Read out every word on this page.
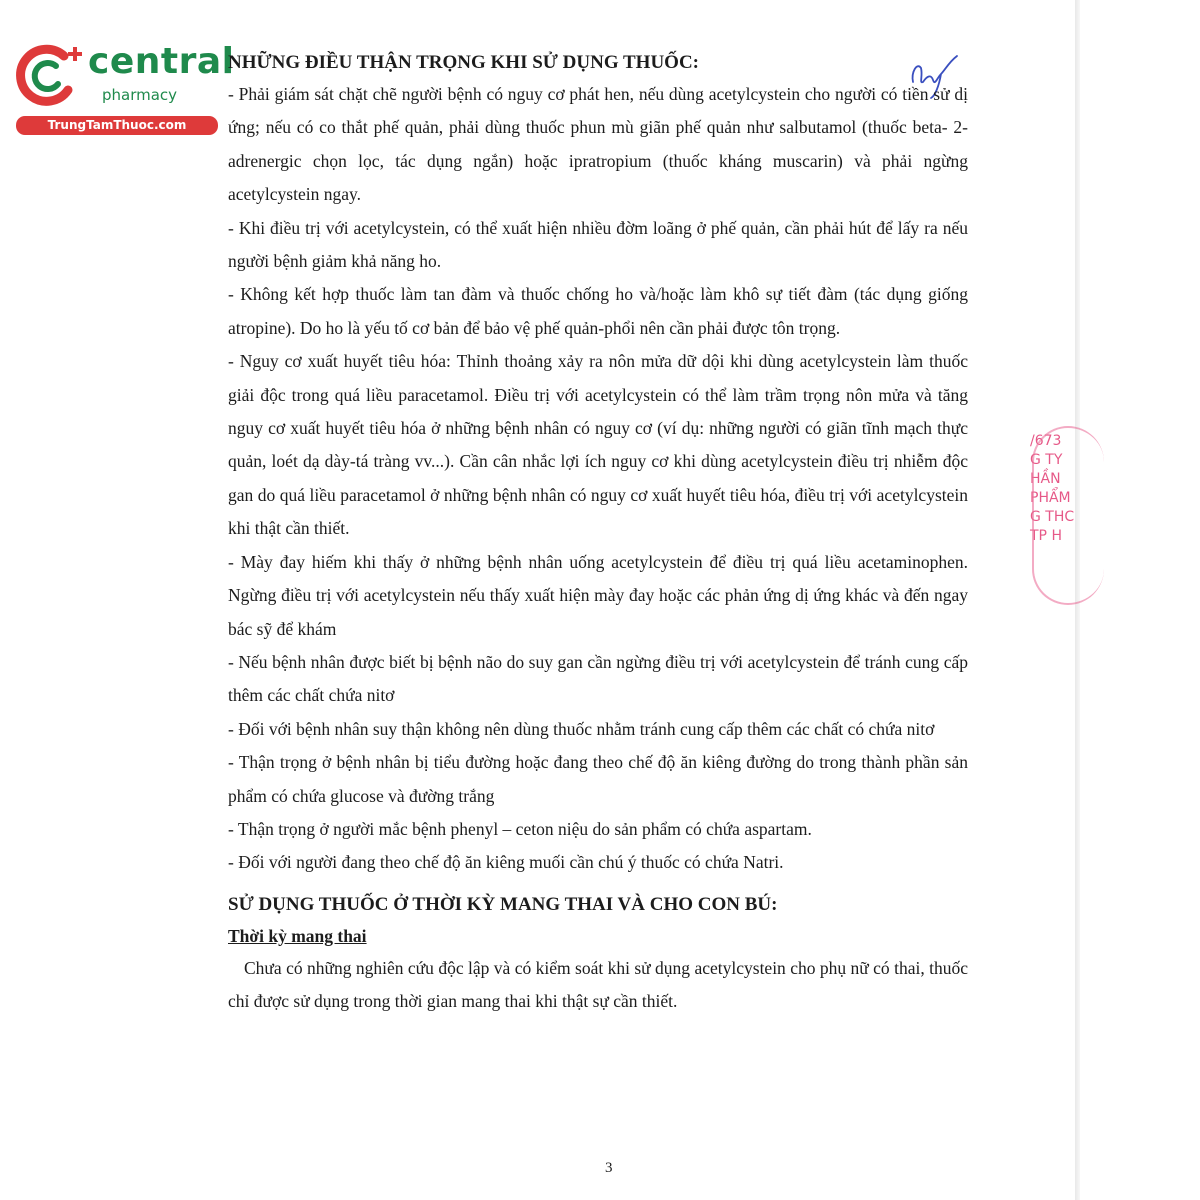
central
pharmacy
TrungTamThuoc.com
/673
G TY
HẦN
PHẨM
G THC
TP H
NHỮNG ĐIỀU THẬN TRỌNG KHI SỬ DỤNG THUỐC:

- Phải giám sát chặt chẽ người bệnh có nguy cơ phát hen, nếu dùng acetylcystein cho người có tiền sử dị ứng; nếu có co thắt phế quản, phải dùng thuốc phun mù giãn phế quản như salbutamol (thuốc beta- 2- adrenergic chọn lọc, tác dụng ngắn) hoặc ipratropium (thuốc kháng muscarin) và phải ngừng acetylcystein ngay.

- Khi điều trị với acetylcystein, có thể xuất hiện nhiều đờm loãng ở phế quản, cần phải hút để lấy ra nếu người bệnh giảm khả năng ho.

- Không kết hợp thuốc làm tan đàm và thuốc chống ho và/hoặc làm khô sự tiết đàm (tác dụng giống atropine). Do ho là yếu tố cơ bản để bảo vệ phế quản-phổi nên cần phải được tôn trọng.

- Nguy cơ xuất huyết tiêu hóa: Thỉnh thoảng xảy ra nôn mửa dữ dội khi dùng acetylcystein làm thuốc giải độc trong quá liều paracetamol. Điều trị với acetylcystein có thể làm trầm trọng nôn mửa và tăng nguy cơ xuất huyết tiêu hóa ở những bệnh nhân có nguy cơ (ví dụ: những người có giãn tĩnh mạch thực quản, loét dạ dày-tá tràng vv...). Cần cân nhắc lợi ích nguy cơ khi dùng acetylcystein điều trị nhiễm độc gan do quá liều paracetamol ở những bệnh nhân có nguy cơ xuất huyết tiêu hóa, điều trị với acetylcystein khi thật cần thiết.

- Mày đay hiếm khi thấy ở những bệnh nhân uống acetylcystein để điều trị quá liều acetaminophen. Ngừng điều trị với acetylcystein nếu thấy xuất hiện mày đay hoặc các phản ứng dị ứng khác và đến ngay bác sỹ để khám

- Nếu bệnh nhân được biết bị bệnh não do suy gan cần ngừng điều trị với acetylcystein để tránh cung cấp thêm các chất chứa nitơ

- Đối với bệnh nhân suy thận không nên dùng thuốc nhằm tránh cung cấp thêm các chất có chứa nitơ

- Thận trọng ở bệnh nhân bị tiểu đường hoặc đang theo chế độ ăn kiêng đường do trong thành phần sản phẩm có chứa glucose và đường trắng

- Thận trọng ở người mắc bệnh phenyl – ceton niệu do sản phẩm có chứa aspartam.

- Đối với người đang theo chế độ ăn kiêng muối cần chú ý thuốc có chứa Natri.

SỬ DỤNG THUỐC Ở THỜI KỲ MANG THAI VÀ CHO CON BÚ:

Thời kỳ mang thai

Chưa có những nghiên cứu độc lập và có kiểm soát khi sử dụng acetylcystein cho phụ nữ có thai, thuốc chỉ được sử dụng trong thời gian mang thai khi thật sự cần thiết.

3
